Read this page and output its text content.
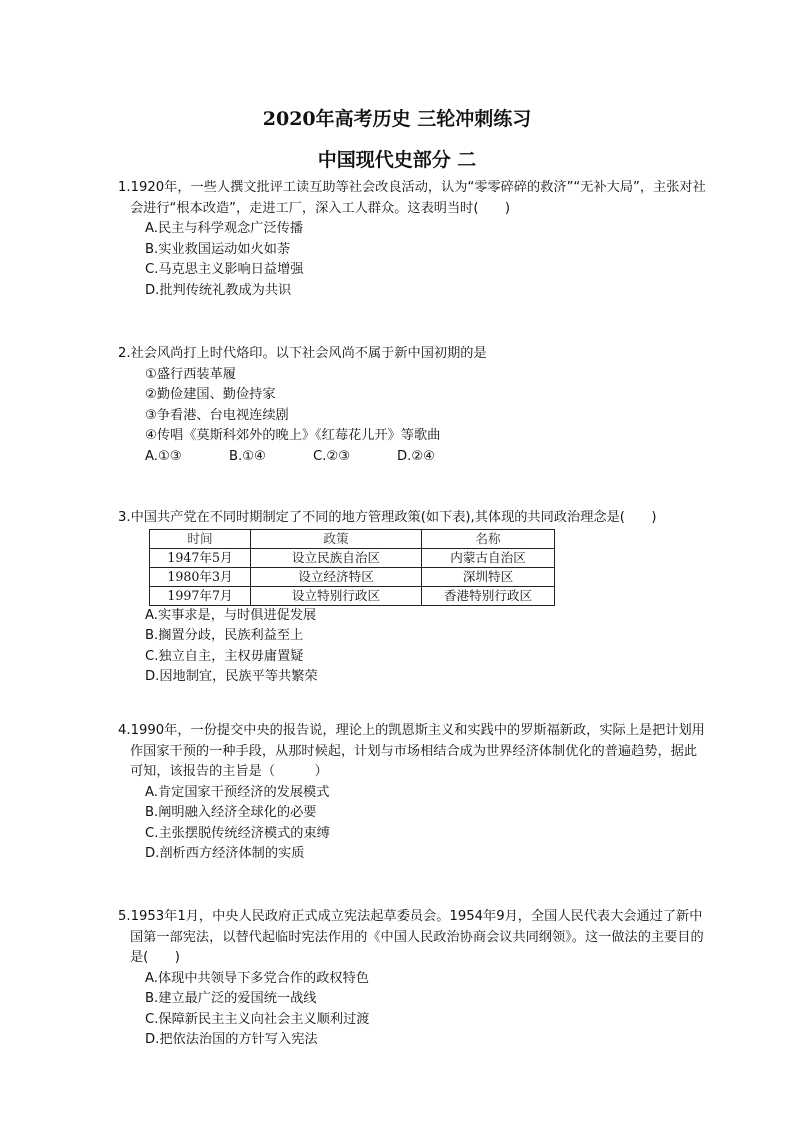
2020年高考历史 三轮冲刺练习
中国现代史部分 二

1.1920年，一些人撰文批评工读互助等社会改良活动，认为“零零碎碎的救济”“无补大局”，主张对社会进行“根本改造”，走进工厂，深入工人群众。这表明当时(　　)

A.民主与科学观念广泛传播

B.实业救国运动如火如荼

C.马克思主义影响日益增强

D.批判传统礼教成为共识

2.社会风尚打上时代烙印。以下社会风尚不属于新中国初期的是

①盛行西装革履

②勤俭建国、勤俭持家

③争看港、台电视连续剧

④传唱《莫斯科郊外的晚上》《红莓花儿开》等歌曲

A.①③	B.①④	C.②③	D.②④

3.中国共产党在不同时期制定了不同的地方管理政策(如下表),其体现的共同政治理念是(　　)

时间	政策	名称
1947年5月	设立民族自治区	内蒙古自治区
1980年3月	设立经济特区	深圳特区
1997年7月	设立特别行政区	香港特别行政区

A.实事求是，与时俱进促发展

B.搁置分歧，民族利益至上

C.独立自主，主权毋庸置疑

D.因地制宜，民族平等共繁荣

4.1990年，一份提交中央的报告说，理论上的凯恩斯主义和实践中的罗斯福新政，实际上是把计划用作国家干预的一种手段，从那时候起，计划与市场相结合成为世界经济体制优化的普遍趋势，据此可知，该报告的主旨是（　　　）

A.肯定国家干预经济的发展模式

B.阐明融入经济全球化的必要

C.主张摆脱传统经济模式的束缚

D.剖析西方经济体制的实质

5.1953年1月，中央人民政府正式成立宪法起草委员会。1954年9月，全国人民代表大会通过了新中国第一部宪法，以替代起临时宪法作用的《中国人民政治协商会议共同纲领》。这一做法的主要目的是(　　)

A.体现中共领导下多党合作的政权特色

B.建立最广泛的爱国统一战线

C.保障新民主主义向社会主义顺利过渡

D.把依法治国的方针写入宪法
